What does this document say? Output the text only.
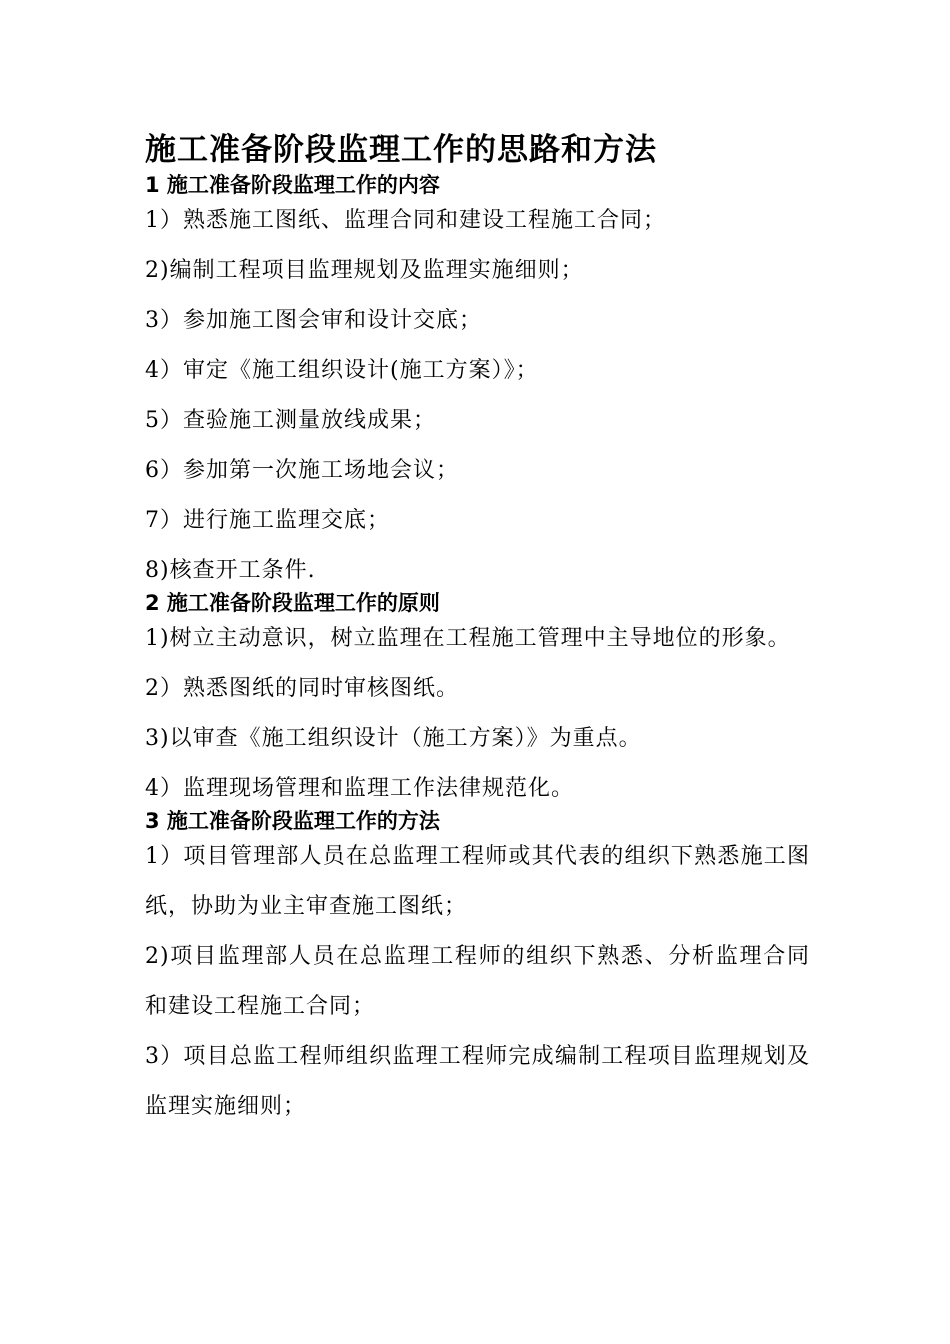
施工准备阶段监理工作的思路和方法
1 施工准备阶段监理工作的内容

1）熟悉施工图纸、监理合同和建设工程施工合同；

2)编制工程项目监理规划及监理实施细则；

3）参加施工图会审和设计交底；

4）审定《施工组织设计(施工方案）》；

5）查验施工测量放线成果；

6）参加第一次施工场地会议；

7）进行施工监理交底；

8)核查开工条件.

2 施工准备阶段监理工作的原则

1)树立主动意识，树立监理在工程施工管理中主导地位的形象。

2）熟悉图纸的同时审核图纸。

3)以审查《施工组织设计（施工方案）》为重点。

4）监理现场管理和监理工作法律规范化。

3 施工准备阶段监理工作的方法

1）项目管理部人员在总监理工程师或其代表的组织下熟悉施工图纸，协助为业主审查施工图纸；

2)项目监理部人员在总监理工程师的组织下熟悉、分析监理合同和建设工程施工合同；

3）项目总监工程师组织监理工程师完成编制工程项目监理规划及监理实施细则；
